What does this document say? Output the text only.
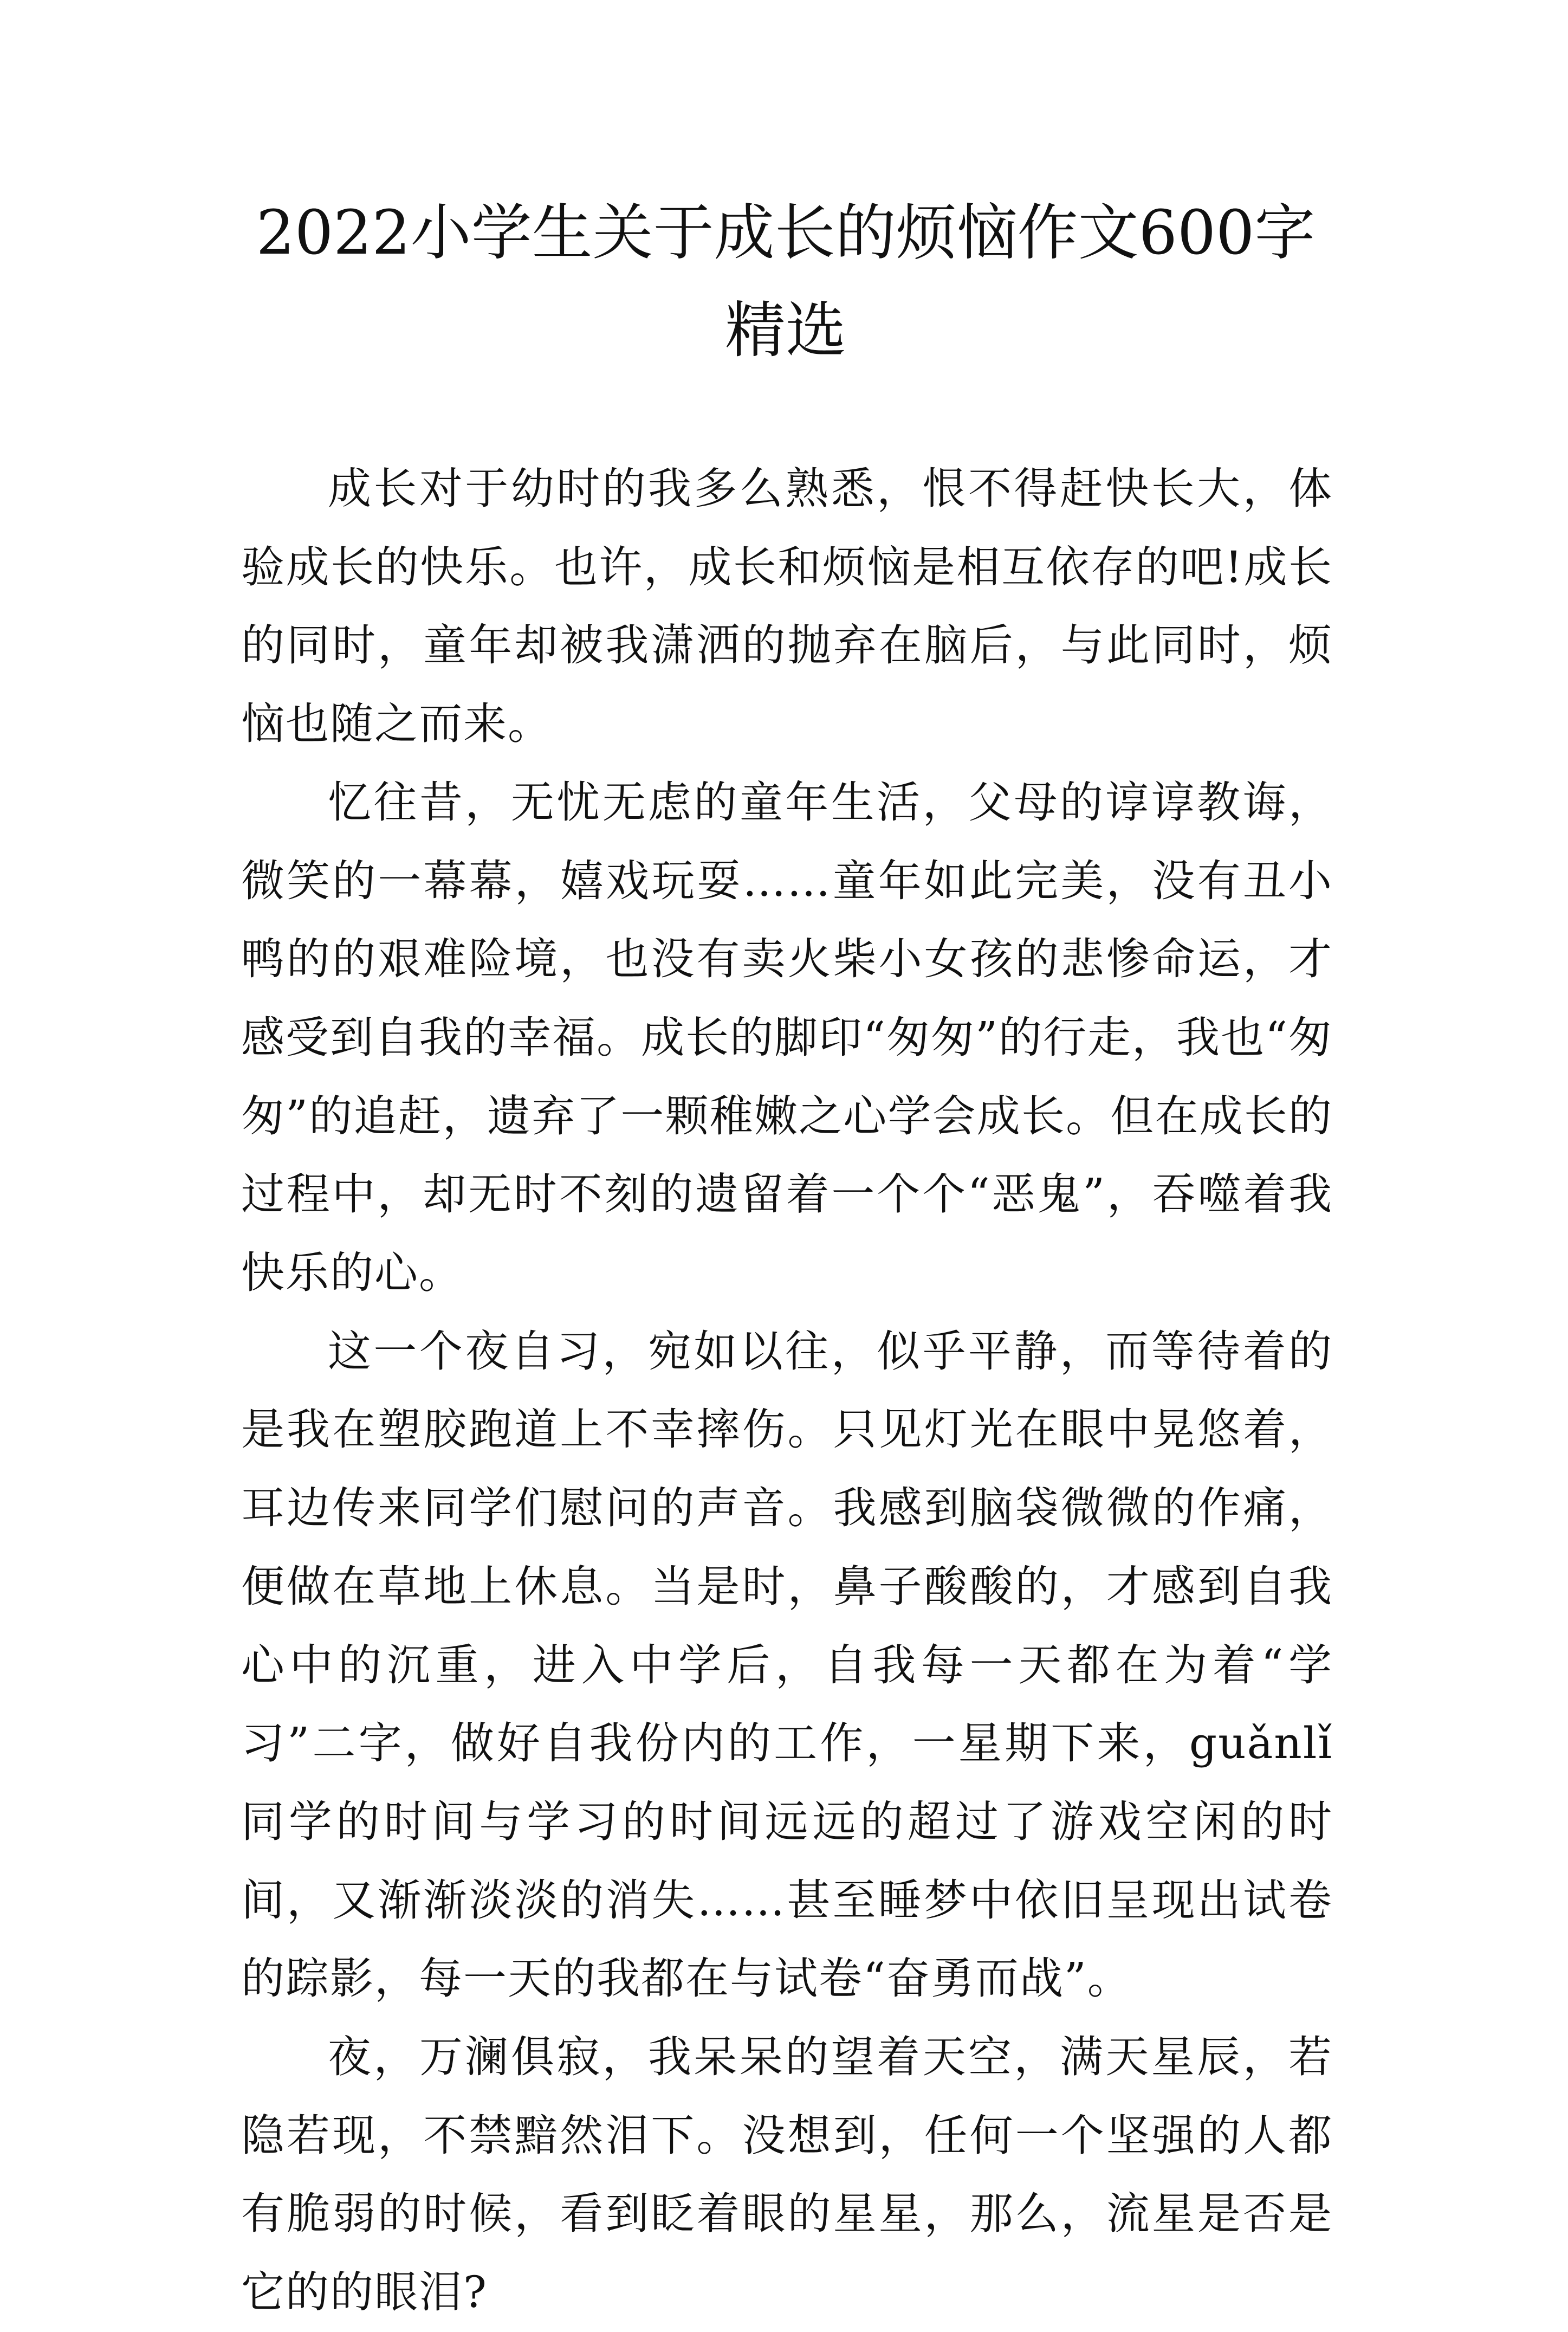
2022小学生关于成长的烦恼作文600字精选

成长对于幼时的我多么熟悉，恨不得赶快长大，体验成长的快乐。也许，成长和烦恼是相互依存的吧!成长的同时，童年却被我潇洒的抛弃在脑后，与此同时，烦恼也随之而来。

忆往昔，无忧无虑的童年生活，父母的谆谆教诲，微笑的一幕幕，嬉戏玩耍……童年如此完美，没有丑小鸭的的艰难险境，也没有卖火柴小女孩的悲惨命运，才感受到自我的幸福。成长的脚印“匆匆”的行走，我也“匆匆”的追赶，遗弃了一颗稚嫩之心学会成长。但在成长的过程中，却无时不刻的遗留着一个个“恶鬼”，吞噬着我快乐的心。

这一个夜自习，宛如以往，似乎平静，而等待着的是我在塑胶跑道上不幸摔伤。只见灯光在眼中晃悠着，耳边传来同学们慰问的声音。我感到脑袋微微的作痛，便做在草地上休息。当是时，鼻子酸酸的，才感到自我心中的沉重，进入中学后，自我每一天都在为着“学习”二字，做好自我份内的工作，一星期下来，guǎnlǐ同学的时间与学习的时间远远的超过了游戏空闲的时间，又渐渐淡淡的消失……甚至睡梦中依旧呈现出试卷的踪影，每一天的我都在与试卷“奋勇而战”。

夜，万澜俱寂，我呆呆的望着天空，满天星辰，若隐若现，不禁黯然泪下。没想到，任何一个坚强的人都有脆弱的时候，看到眨着眼的星星，那么，流星是否是它的的眼泪?
